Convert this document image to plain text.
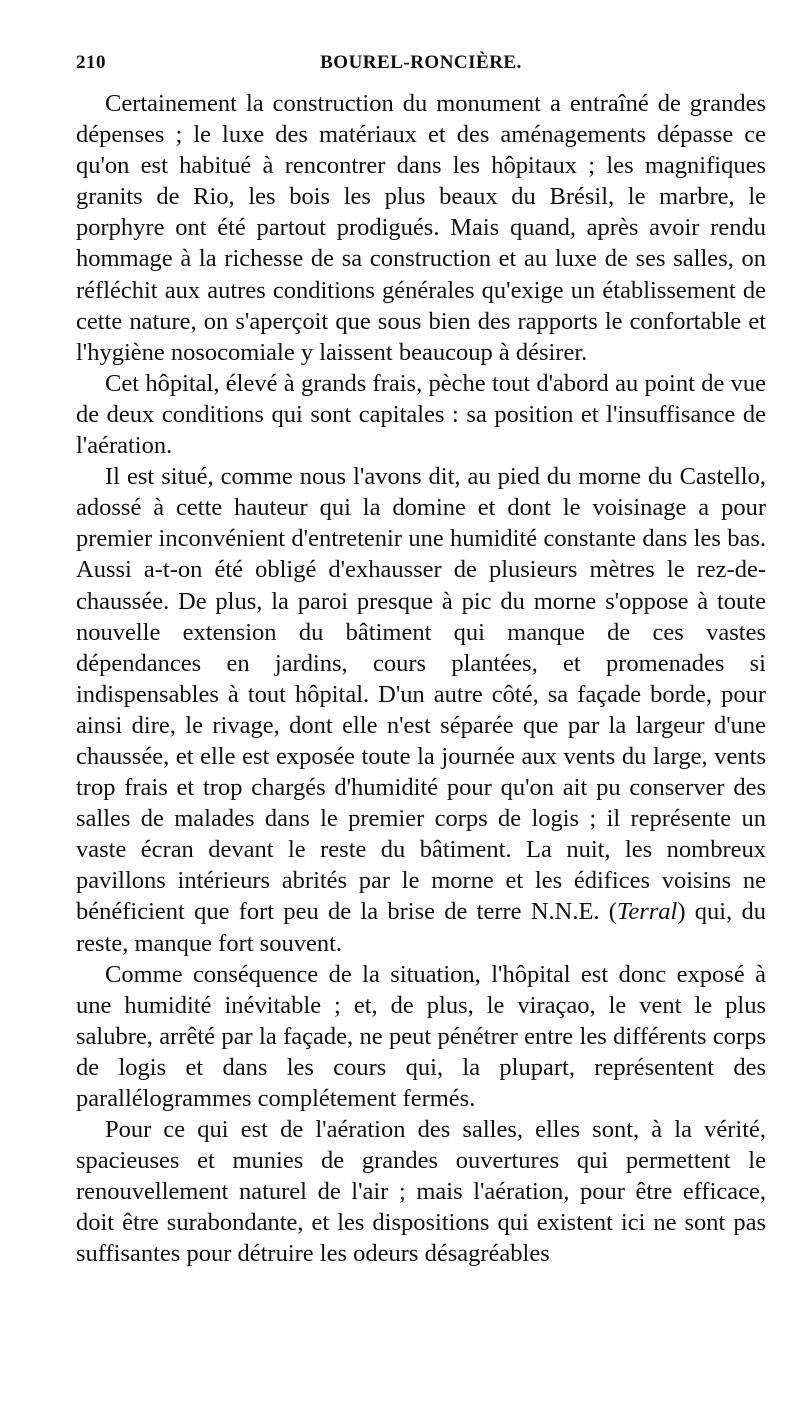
210	BOUREL-RONCIÈRE.

Certainement la construction du monument a entraîné de grandes dépenses ; le luxe des matériaux et des aménagements dépasse ce qu'on est habitué à rencontrer dans les hôpitaux ; les magnifiques granits de Rio, les bois les plus beaux du Brésil, le marbre, le porphyre ont été partout prodigués. Mais quand, après avoir rendu hommage à la richesse de sa construction et au luxe de ses salles, on réfléchit aux autres conditions générales qu'exige un établissement de cette nature, on s'aperçoit que sous bien des rapports le confortable et l'hygiène nosocomiale y laissent beaucoup à désirer.

Cet hôpital, élevé à grands frais, pèche tout d'abord au point de vue de deux conditions qui sont capitales : sa position et l'insuffisance de l'aération.

Il est situé, comme nous l'avons dit, au pied du morne du Castello, adossé à cette hauteur qui la domine et dont le voisinage a pour premier inconvénient d'entretenir une humidité constante dans les bas. Aussi a-t-on été obligé d'exhausser de plusieurs mètres le rez-de-chaussée. De plus, la paroi presque à pic du morne s'oppose à toute nouvelle extension du bâtiment qui manque de ces vastes dépendances en jardins, cours plantées, et promenades si indispensables à tout hôpital. D'un autre côté, sa façade borde, pour ainsi dire, le rivage, dont elle n'est séparée que par la largeur d'une chaussée, et elle est exposée toute la journée aux vents du large, vents trop frais et trop chargés d'humidité pour qu'on ait pu conserver des salles de malades dans le premier corps de logis ; il représente un vaste écran devant le reste du bâtiment. La nuit, les nombreux pavillons intérieurs abrités par le morne et les édifices voisins ne bénéficient que fort peu de la brise de terre N.N.E. (Terral) qui, du reste, manque fort souvent.

Comme conséquence de la situation, l'hôpital est donc exposé à une humidité inévitable ; et, de plus, le viraçao, le vent le plus salubre, arrêté par la façade, ne peut pénétrer entre les différents corps de logis et dans les cours qui, la plupart, représentent des parallélogrammes complétement fermés.

Pour ce qui est de l'aération des salles, elles sont, à la vérité, spacieuses et munies de grandes ouvertures qui permettent le renouvellement naturel de l'air ; mais l'aération, pour être efficace, doit être surabondante, et les dispositions qui existent ici ne sont pas suffisantes pour détruire les odeurs désagréables
